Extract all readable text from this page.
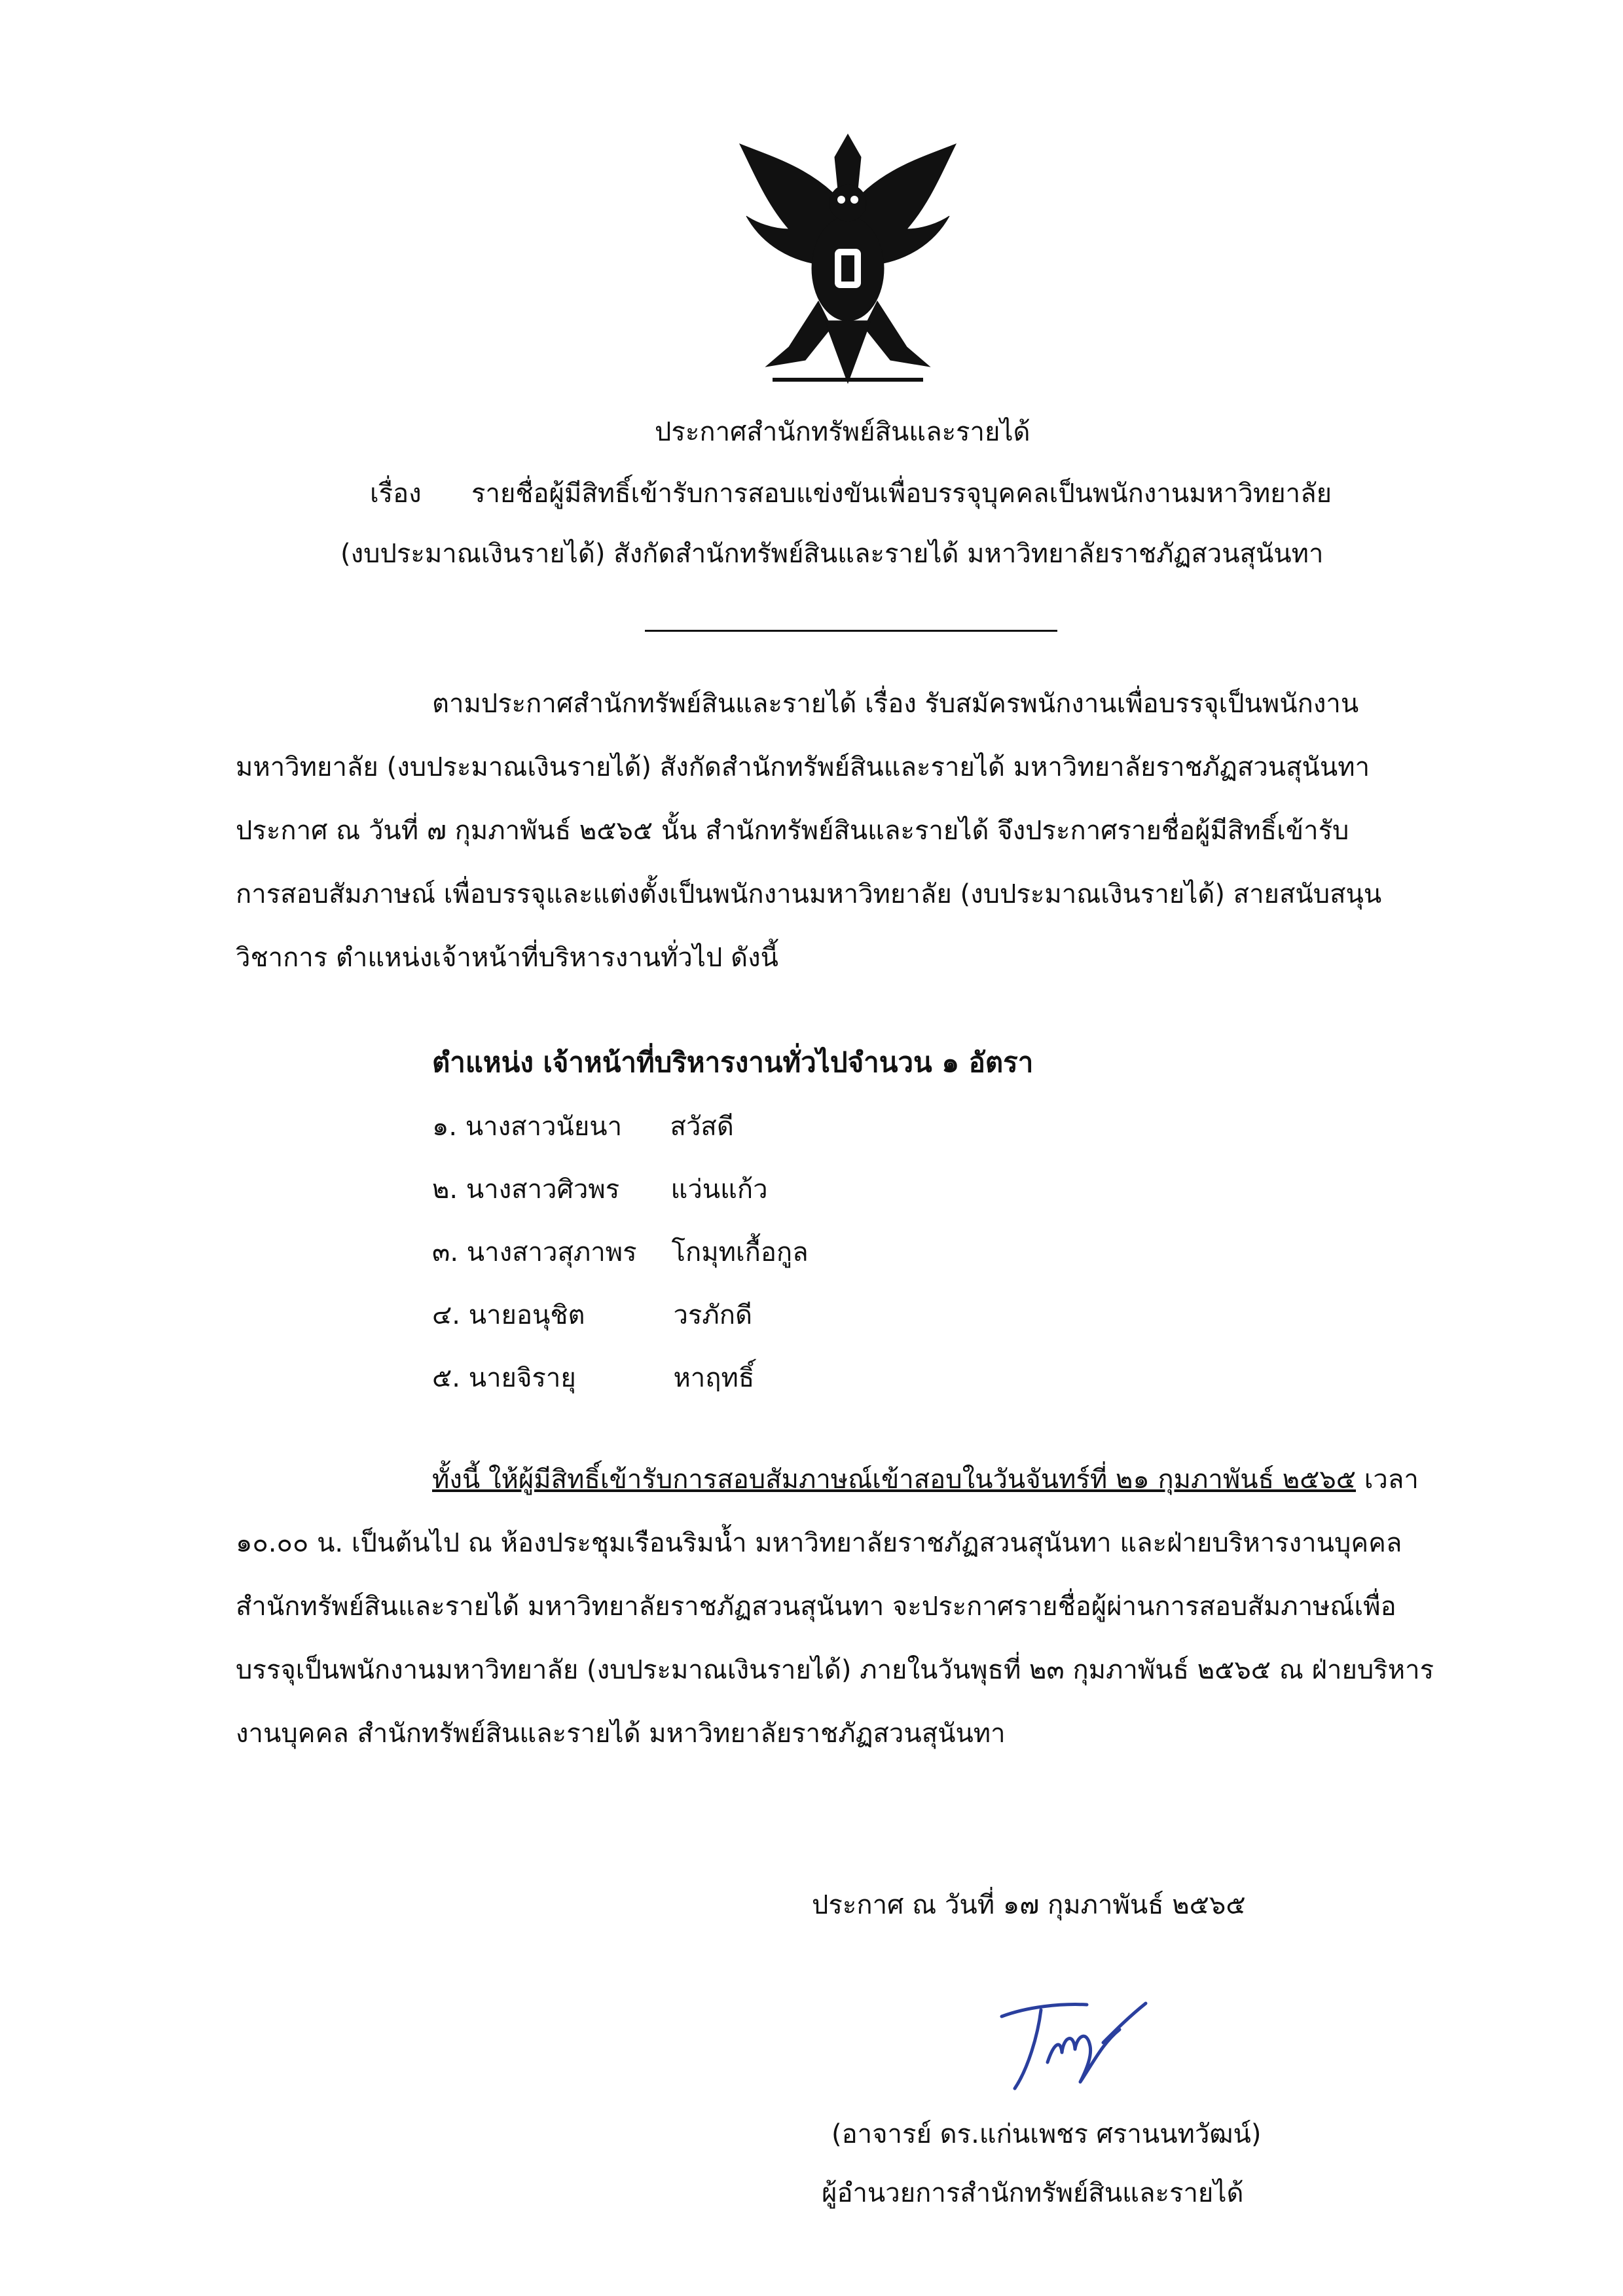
ประกาศสำนักทรัพย์สินและรายได้
เรื่อง รายชื่อผู้มีสิทธิ์เข้ารับการสอบแข่งขันเพื่อบรรจุบุคคลเป็นพนักงานมหาวิทยาลัย
(งบประมาณเงินรายได้) สังกัดสำนักทรัพย์สินและรายได้ มหาวิทยาลัยราชภัฏสวนสุนันทา
ตามประกาศสำนักทรัพย์สินและรายได้ เรื่อง รับสมัครพนักงานเพื่อบรรจุเป็นพนักงาน
มหาวิทยาลัย (งบประมาณเงินรายได้) สังกัดสำนักทรัพย์สินและรายได้ มหาวิทยาลัยราชภัฏสวนสุนันทา
ประกาศ ณ วันที่ ๗ กุมภาพันธ์ ๒๕๖๕ นั้น สำนักทรัพย์สินและรายได้ จึงประกาศรายชื่อผู้มีสิทธิ์เข้ารับ
การสอบสัมภาษณ์ เพื่อบรรจุและแต่งตั้งเป็นพนักงานมหาวิทยาลัย (งบประมาณเงินรายได้) สายสนับสนุน
วิชาการ ตำแหน่งเจ้าหน้าที่บริหารงานทั่วไป ดังนี้
ตำแหน่ง เจ้าหน้าที่บริหารงานทั่วไปจำนวน ๑ อัตรา
๑. นางสาวนัยนา สวัสดี
๒. นางสาวศิวพร แว่นแก้ว
๓. นางสาวสุภาพร โกมุทเกื้อกูล
๔. นายอนุชิต	วรภักดี
๕. นายจิรายุ	หาฤทธิ์
ทั้งนี้ ให้ผู้มีสิทธิ์เข้ารับการสอบสัมภาษณ์เข้าสอบในวันจันทร์ที่ ๒๑ กุมภาพันธ์ ๒๕๖๕ เวลา
๑๐.๐๐ น. เป็นต้นไป ณ ห้องประชุมเรือนริมน้ำ มหาวิทยาลัยราชภัฏสวนสุนันทา และฝ่ายบริหารงานบุคคล
สำนักทรัพย์สินและรายได้ มหาวิทยาลัยราชภัฏสวนสุนันทา จะประกาศรายชื่อผู้ผ่านการสอบสัมภาษณ์เพื่อ
บรรจุเป็นพนักงานมหาวิทยาลัย (งบประมาณเงินรายได้) ภายในวันพุธที่ ๒๓ กุมภาพันธ์ ๒๕๖๕ ณ ฝ่ายบริหาร
งานบุคคล สำนักทรัพย์สินและรายได้ มหาวิทยาลัยราชภัฏสวนสุนันทา
ประกาศ ณ วันที่ ๑๗ กุมภาพันธ์ ๒๕๖๕
(อาจารย์ ดร.แก่นเพชร ศรานนทวัฒน์)
ผู้อำนวยการสำนักทรัพย์สินและรายได้
